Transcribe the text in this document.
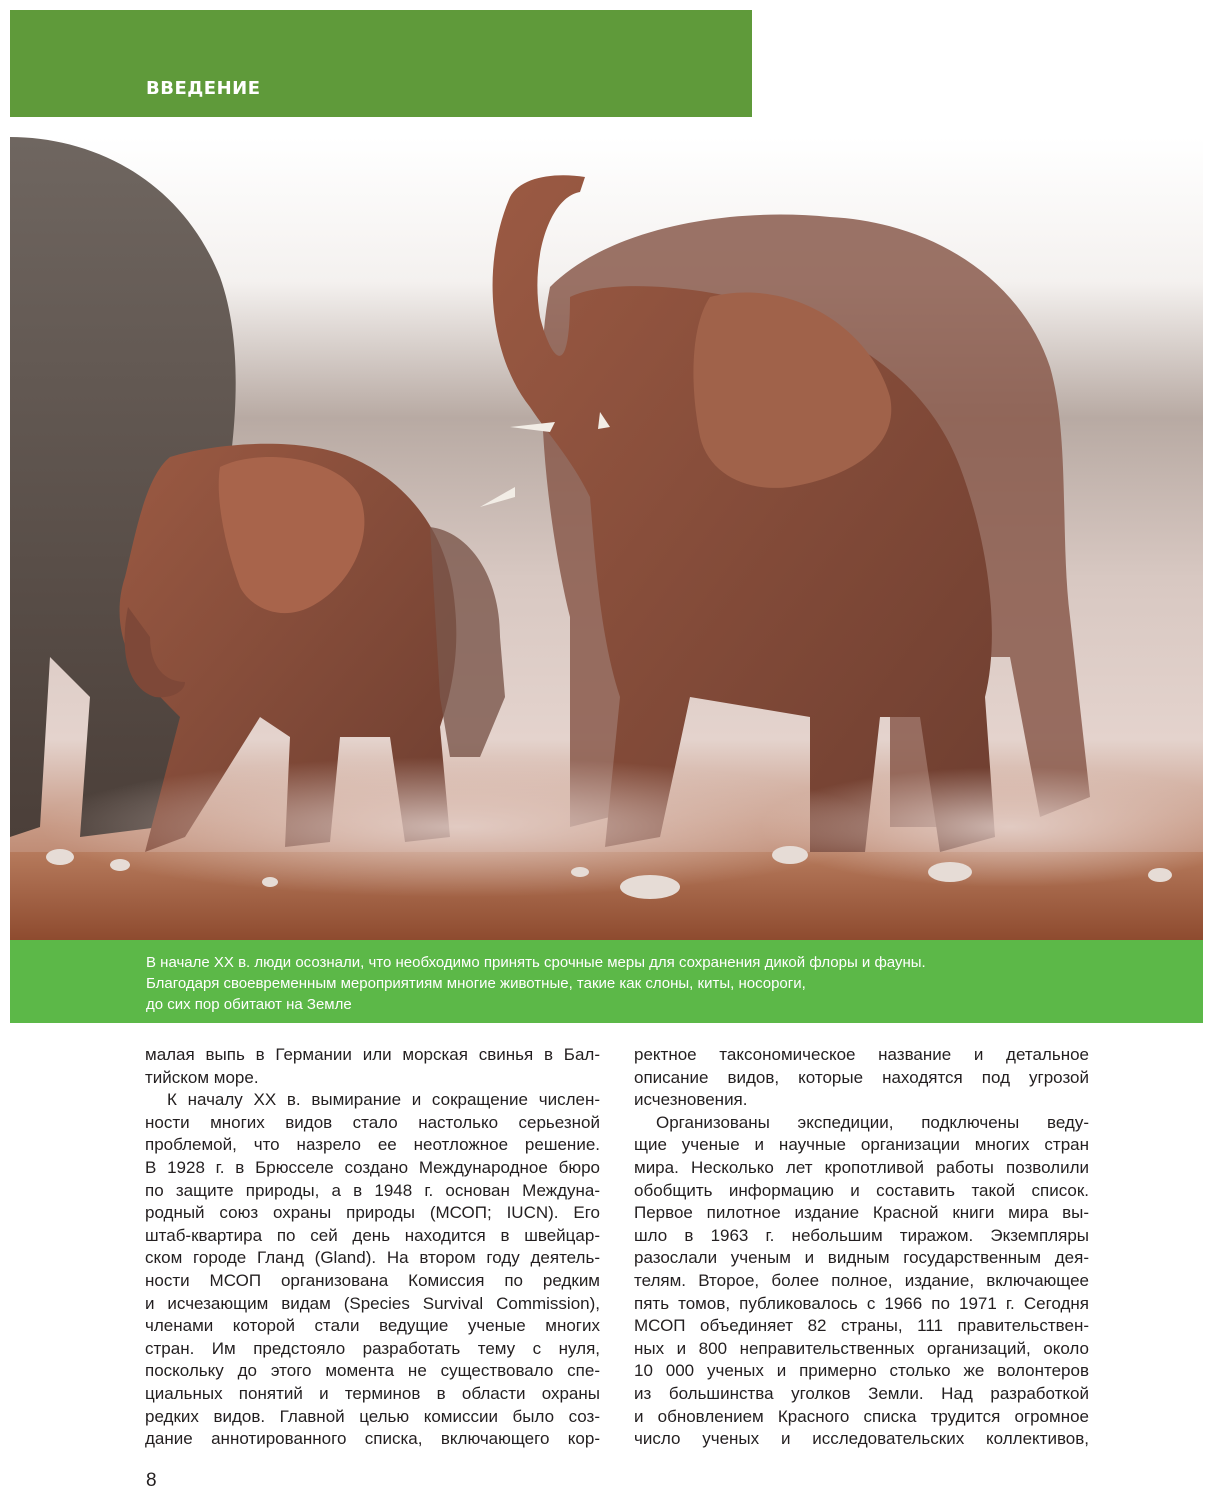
ВВЕДЕНИЕ
В начале XX в. люди осознали, что необходимо принять срочные меры для сохранения дикой флоры и фауны.
Благодаря своевременным мероприятиям многие животные, такие как слоны, киты, носороги,
до сих пор обитают на Земле
малая выпь в Германии или морская свинья в Бал-
тийском море.
К началу XX в. вымирание и сокращение числен-
ности многих видов стало настолько серьезной
проблемой, что назрело ее неотложное решение.
В 1928 г. в Брюсселе создано Международное бюро
по защите природы, а в 1948 г. основан Междуна-
родный союз охраны природы (МСОП; IUCN). Его
штаб-квартира по сей день находится в швейцар-
ском городе Гланд (Gland). На втором году деятель-
ности МСОП организована Комиссия по редким
и исчезающим видам (Species Survival Commission),
членами которой стали ведущие ученые многих
стран. Им предстояло разработать тему с нуля,
поскольку до этого момента не существовало спе-
циальных понятий и терминов в области охраны
редких видов. Главной целью комиссии было соз-
дание аннотированного списка, включающего кор-
ректное таксономическое название и детальное
описание видов, которые находятся под угрозой
исчезновения.
Организованы экспедиции, подключены веду-
щие ученые и научные организации многих стран
мира. Несколько лет кропотливой работы позволили
обобщить информацию и составить такой список.
Первое пилотное издание Красной книги мира вы-
шло в 1963 г. небольшим тиражом. Экземпляры
разослали ученым и видным государственным дея-
телям. Второе, более полное, издание, включающее
пять томов, публиковалось с 1966 по 1971 г. Сегодня
МСОП объединяет 82 страны, 111 правительствен-
ных и 800 неправительственных организаций, около
10 000 ученых и примерно столько же волонтеров
из большинства уголков Земли. Над разработкой
и обновлением Красного списка трудится огромное
число ученых и исследовательских коллективов,
8
